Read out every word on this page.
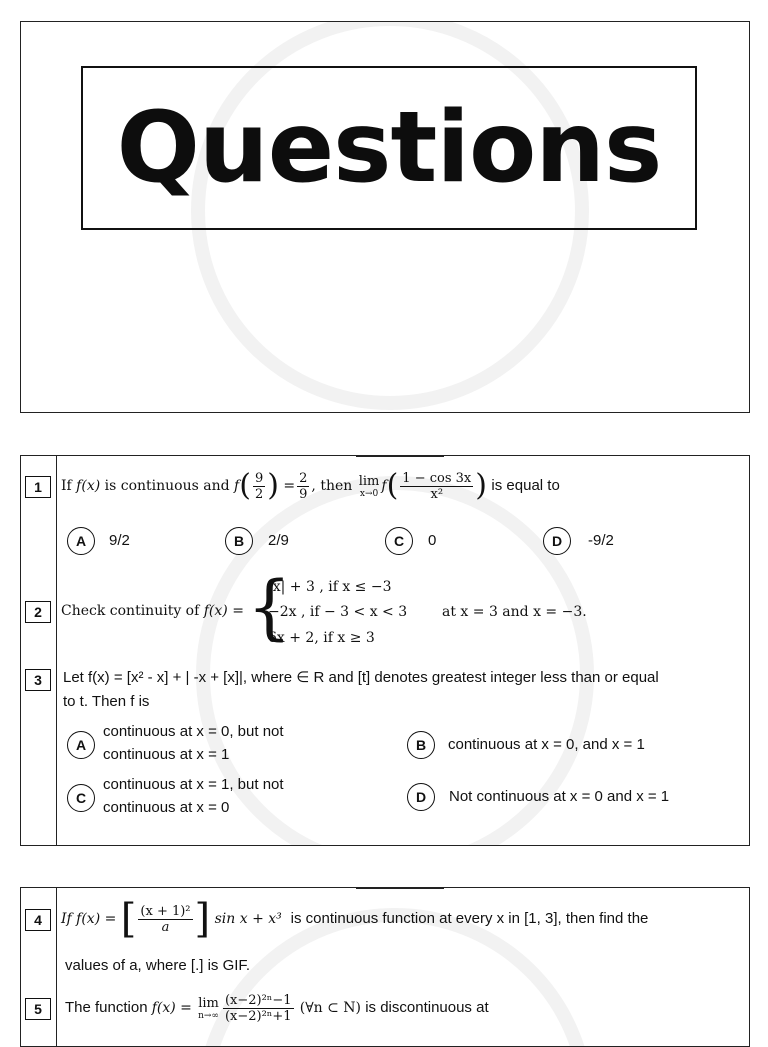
Questions
1	If
f(x)
is continuous and
f ( $\frac{9}{2}$ )
= $\frac{2}{9}$ , then
lim
x→0 f ( $\frac{1 - \cos 3x}{\text{x²}}$ )
is equal to
A	9/2	B	2/9	C	0	D	-9/2
2	Check continuity of f(x) = {
|x| + 3 , if x ≤ −3
−2x , if − 3 < x < 3
6x + 2, if x ≥ 3
at x = 3 and x = −3.
3	Let f(x) = [x² - x] + | -x + [x]|, where ∈ R and [t] denotes greatest integer less than or equal
to t. Then f is
A
continuous at x = 0, but not
continuous at x = 1
B	continuous at x = 0, and x = 1
C
continuous at x = 1, but not
continuous at x = 0
D	Not continuous at x = 0 and x = 1
4	If f(x) =
[ $\frac{\text{(x + 1)²}}{a}$ ]
sin x + x³
is continuous function at every x in [1, 3], then find the
values of a, where [.] is GIF.
5	The function
f(x) =
lim
$n\to\infty \frac{\text{(x−2)²ⁿ−1}}{\text{(x−2)²ⁿ+1}}$
(∀n ⊂ N)
is discontinuous at
